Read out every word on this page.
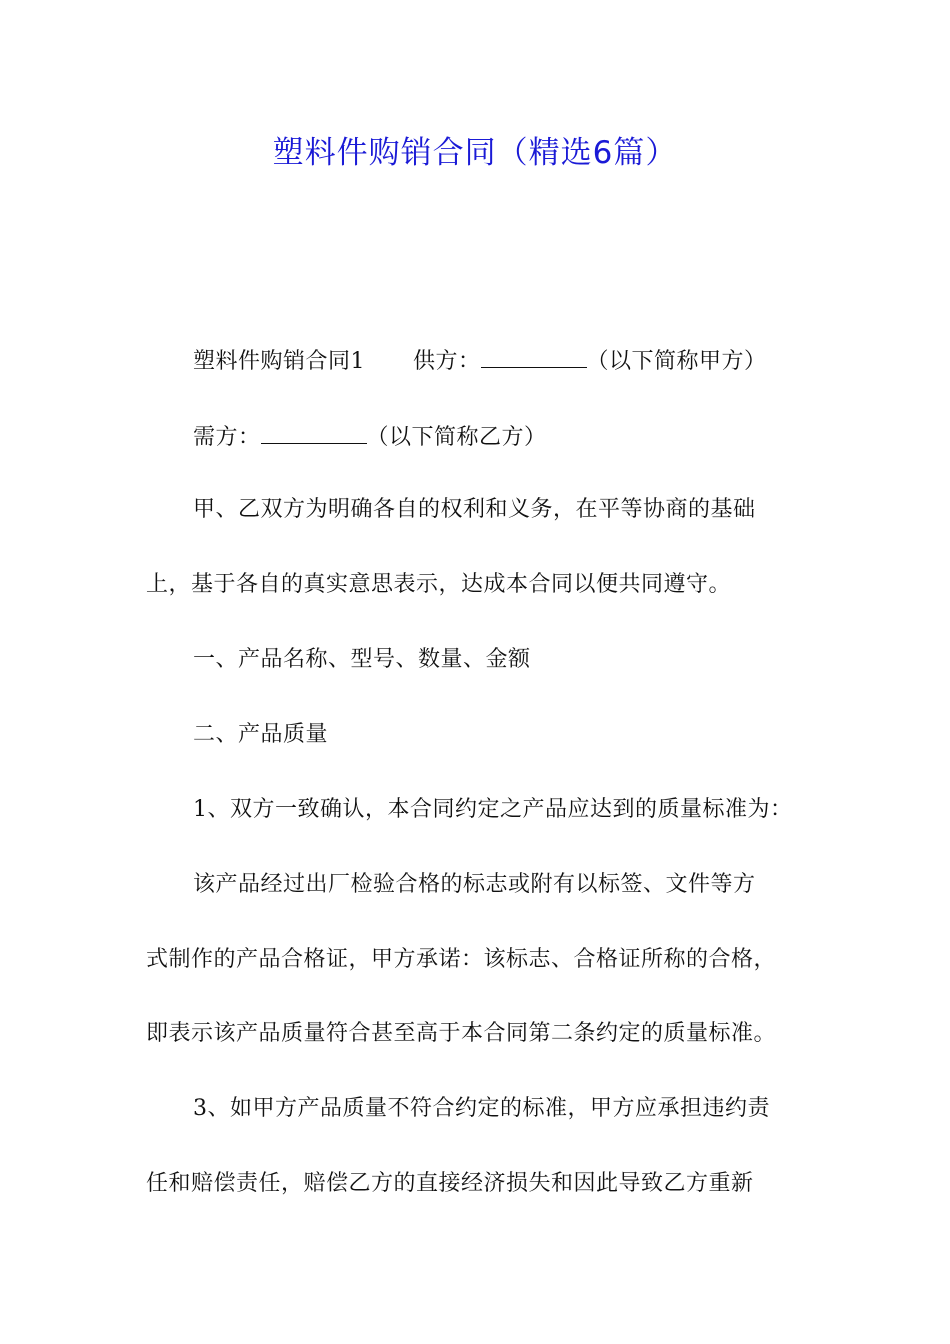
塑料件购销合同（精选6篇）
塑料件购销合同1 供方：	（以下简称甲方）
需方：	（以下简称乙方）
甲、乙双方为明确各自的权利和义务，在平等协商的基础
上，基于各自的真实意思表示，达成本合同以便共同遵守。
一、产品名称、型号、数量、金额
二、产品质量
1、双方一致确认，本合同约定之产品应达到的质量标准为：
该产品经过出厂检验合格的标志或附有以标签、文件等方
式制作的产品合格证，甲方承诺：该标志、合格证所称的合格，
即表示该产品质量符合甚至高于本合同第二条约定的质量标准。
3、如甲方产品质量不符合约定的标准，甲方应承担违约责
任和赔偿责任，赔偿乙方的直接经济损失和因此导致乙方重新
